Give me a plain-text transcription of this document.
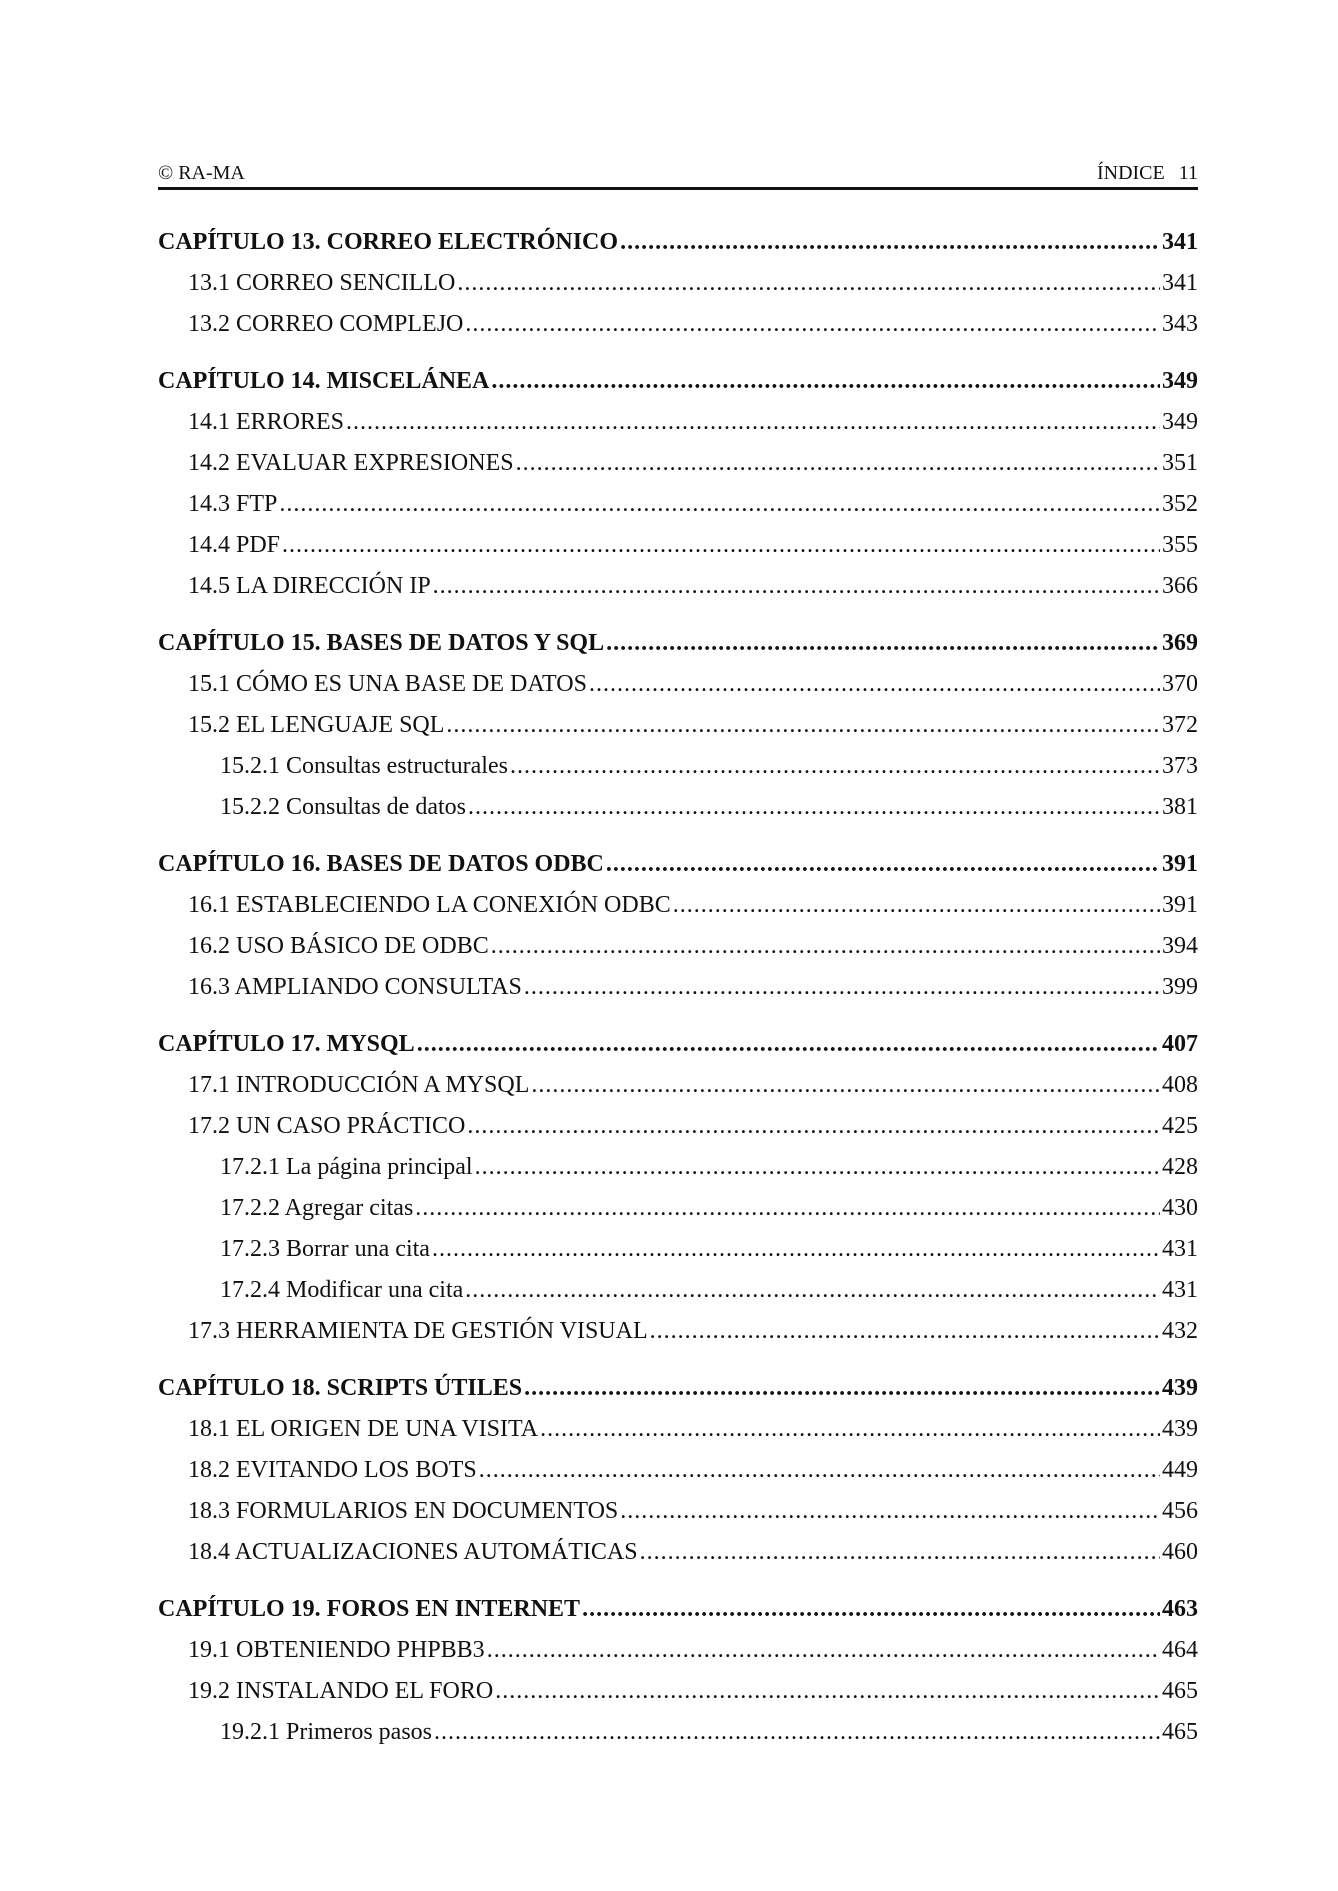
© RA-MA	ÍNDICE 11
CAPÍTULO 13. CORREO ELECTRÓNICO .....	341
13.1 CORREO SENCILLO .....	341
13.2 CORREO COMPLEJO .....	343
CAPÍTULO 14. MISCELÁNEA .....	349
14.1 ERRORES .....	349
14.2 EVALUAR EXPRESIONES .....	351
14.3 FTP .....	352
14.4 PDF .....	355
14.5 LA DIRECCIÓN IP .....	366
CAPÍTULO 15. BASES DE DATOS Y SQL .....	369
15.1 CÓMO ES UNA BASE DE DATOS .....	370
15.2 EL LENGUAJE SQL .....	372
15.2.1 Consultas estructurales .....	373
15.2.2 Consultas de datos .....	381
CAPÍTULO 16. BASES DE DATOS ODBC .....	391
16.1 ESTABLECIENDO LA CONEXIÓN ODBC .....	391
16.2 USO BÁSICO DE ODBC .....	394
16.3 AMPLIANDO CONSULTAS .....	399
CAPÍTULO 17. MYSQL .....	407
17.1 INTRODUCCIÓN A MYSQL .....	408
17.2 UN CASO PRÁCTICO .....	425
17.2.1 La página principal .....	428
17.2.2 Agregar citas .....	430
17.2.3 Borrar una cita .....	431
17.2.4 Modificar una cita .....	431
17.3 HERRAMIENTA DE GESTIÓN VISUAL .....	432
CAPÍTULO 18. SCRIPTS ÚTILES .....	439
18.1 EL ORIGEN DE UNA VISITA .....	439
18.2 EVITANDO LOS BOTS .....	449
18.3 FORMULARIOS EN DOCUMENTOS .....	456
18.4 ACTUALIZACIONES AUTOMÁTICAS .....	460
CAPÍTULO 19. FOROS EN INTERNET .....	463
19.1 OBTENIENDO PHPBB3 .....	464
19.2 INSTALANDO EL FORO .....	465
19.2.1 Primeros pasos .....	465
